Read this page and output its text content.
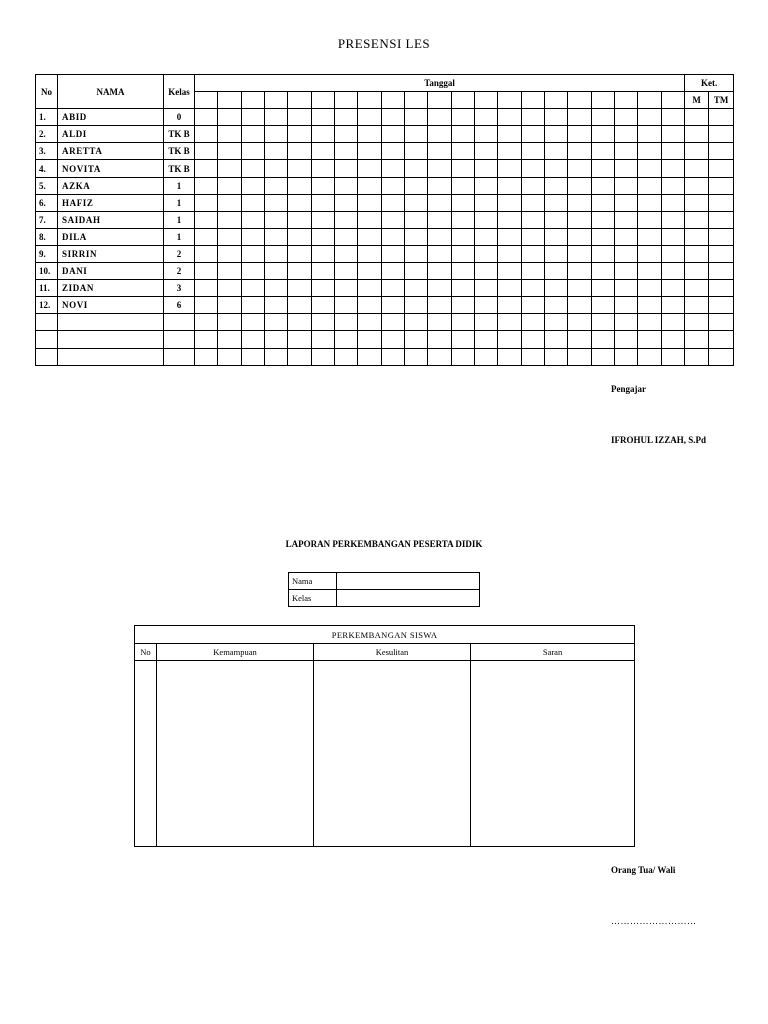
PRESENSI LES
No	NAMA	Kelas	Tanggal																					Ket.	
																								M	TM
1.	ABID	0																							
2.	ALDI	TK B																							
3.	ARETTA	TK B																							
4.	NOVITA	TK B																							
5.	AZKA	1																							
6.	HAFIZ	1																							
7.	SAIDAH	1																							
8.	DILA	1																							
9.	SIRRIN	2																							
10.	DANI	2																							
11.	ZIDAN	3																							
12.	NOVI	6																							

Pengajar
IFROHUL IZZAH, S.Pd
LAPORAN PERKEMBANGAN PESERTA DIDIK
Nama	
Kelas	
PERKEMBANGAN SISWA			
No	Kemampuan	Kesulitan	Saran

Orang Tua/ Wali
………………………
